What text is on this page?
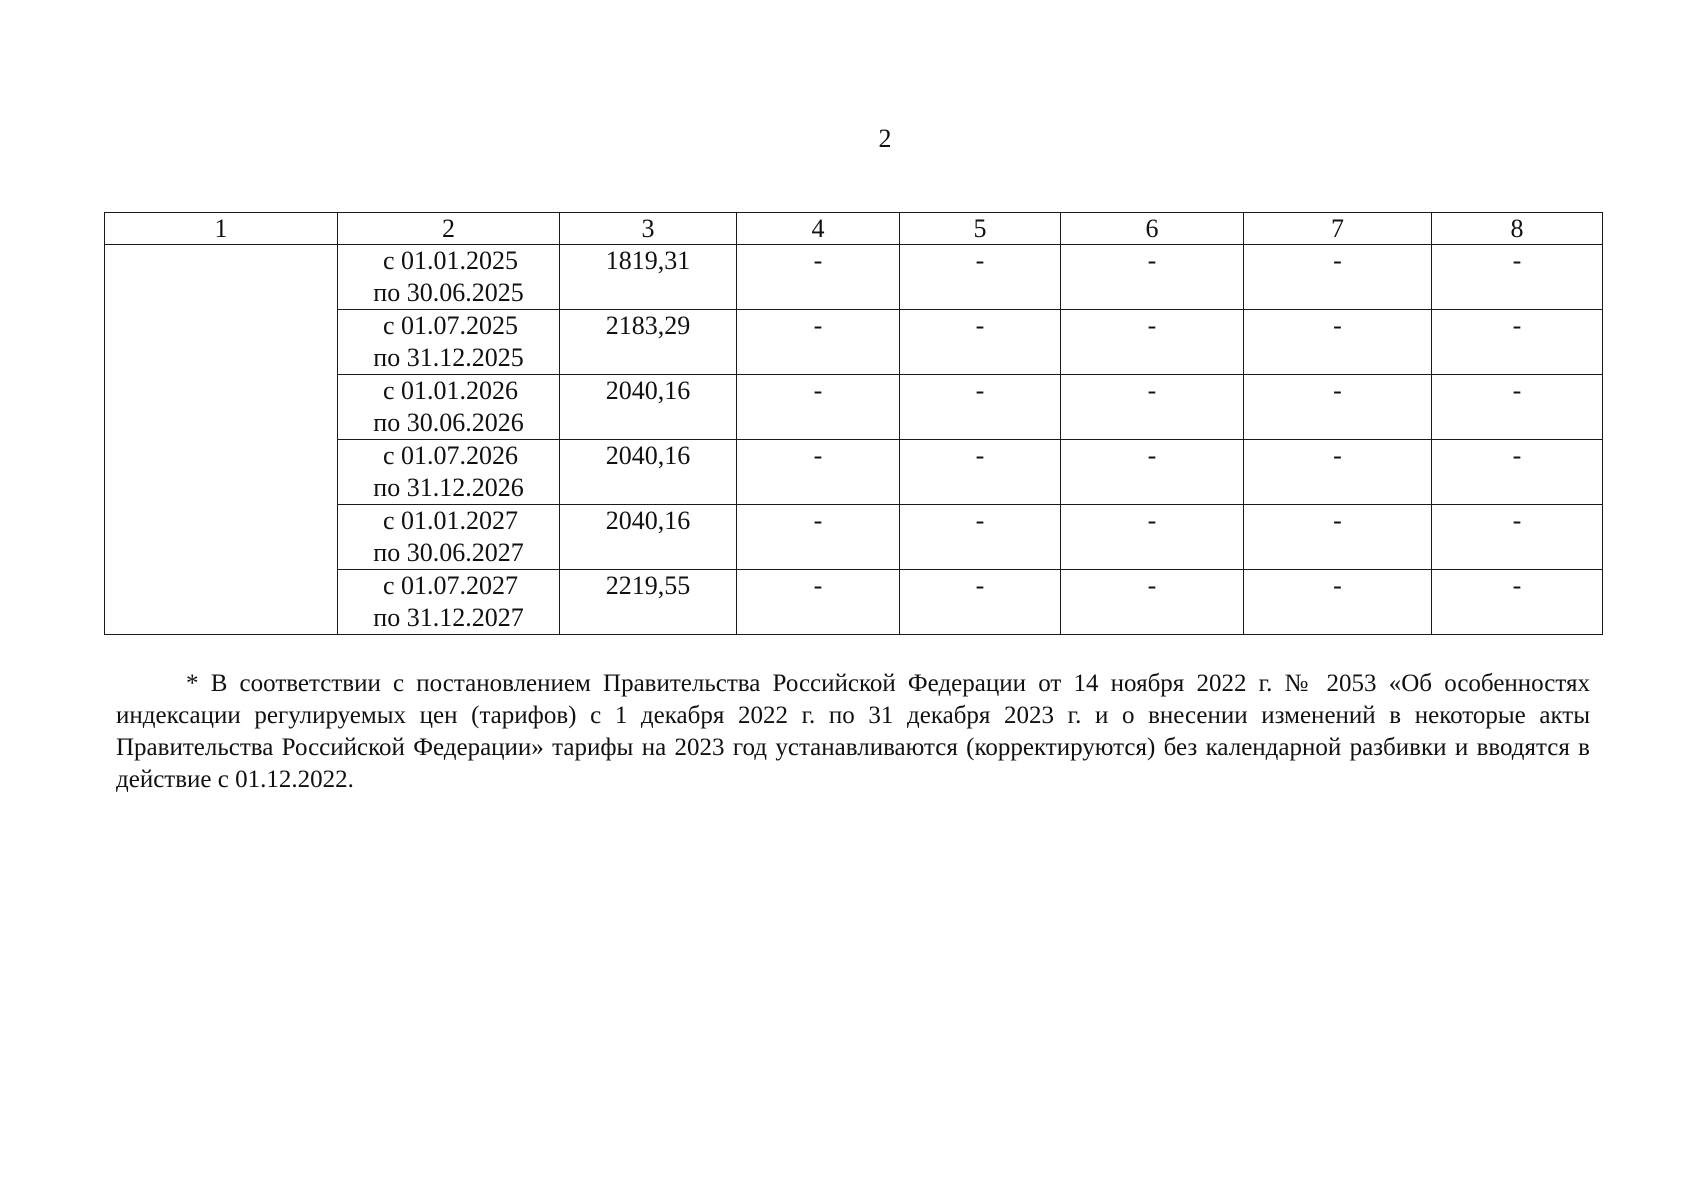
2
1	2	3	4	5	6	7	8

	с 01.01.2025
по 30.06.2025	1819,31	-	-	-	-	-

	с 01.07.2025
по 31.12.2025	2183,29	-	-	-	-	-

	с 01.01.2026
по 30.06.2026	2040,16	-	-	-	-	-

	с 01.07.2026
по 31.12.2026	2040,16	-	-	-	-	-

	с 01.01.2027
по 30.06.2027	2040,16	-	-	-	-	-

	с 01.07.2027
по 31.12.2027	2219,55	-	-	-	-	-

* В соответствии с постановлением Правительства Российской Федерации от 14 ноября 2022 г. № 2053 «Об особенностях индексации регулируемых цен (тарифов) с 1 декабря 2022 г. по 31 декабря 2023 г. и о внесении изменений в некоторые акты Правительства Российской Федерации» тарифы на 2023 год устанавливаются (корректируются) без календарной разбивки и вводятся в действие с 01.12.2022.
